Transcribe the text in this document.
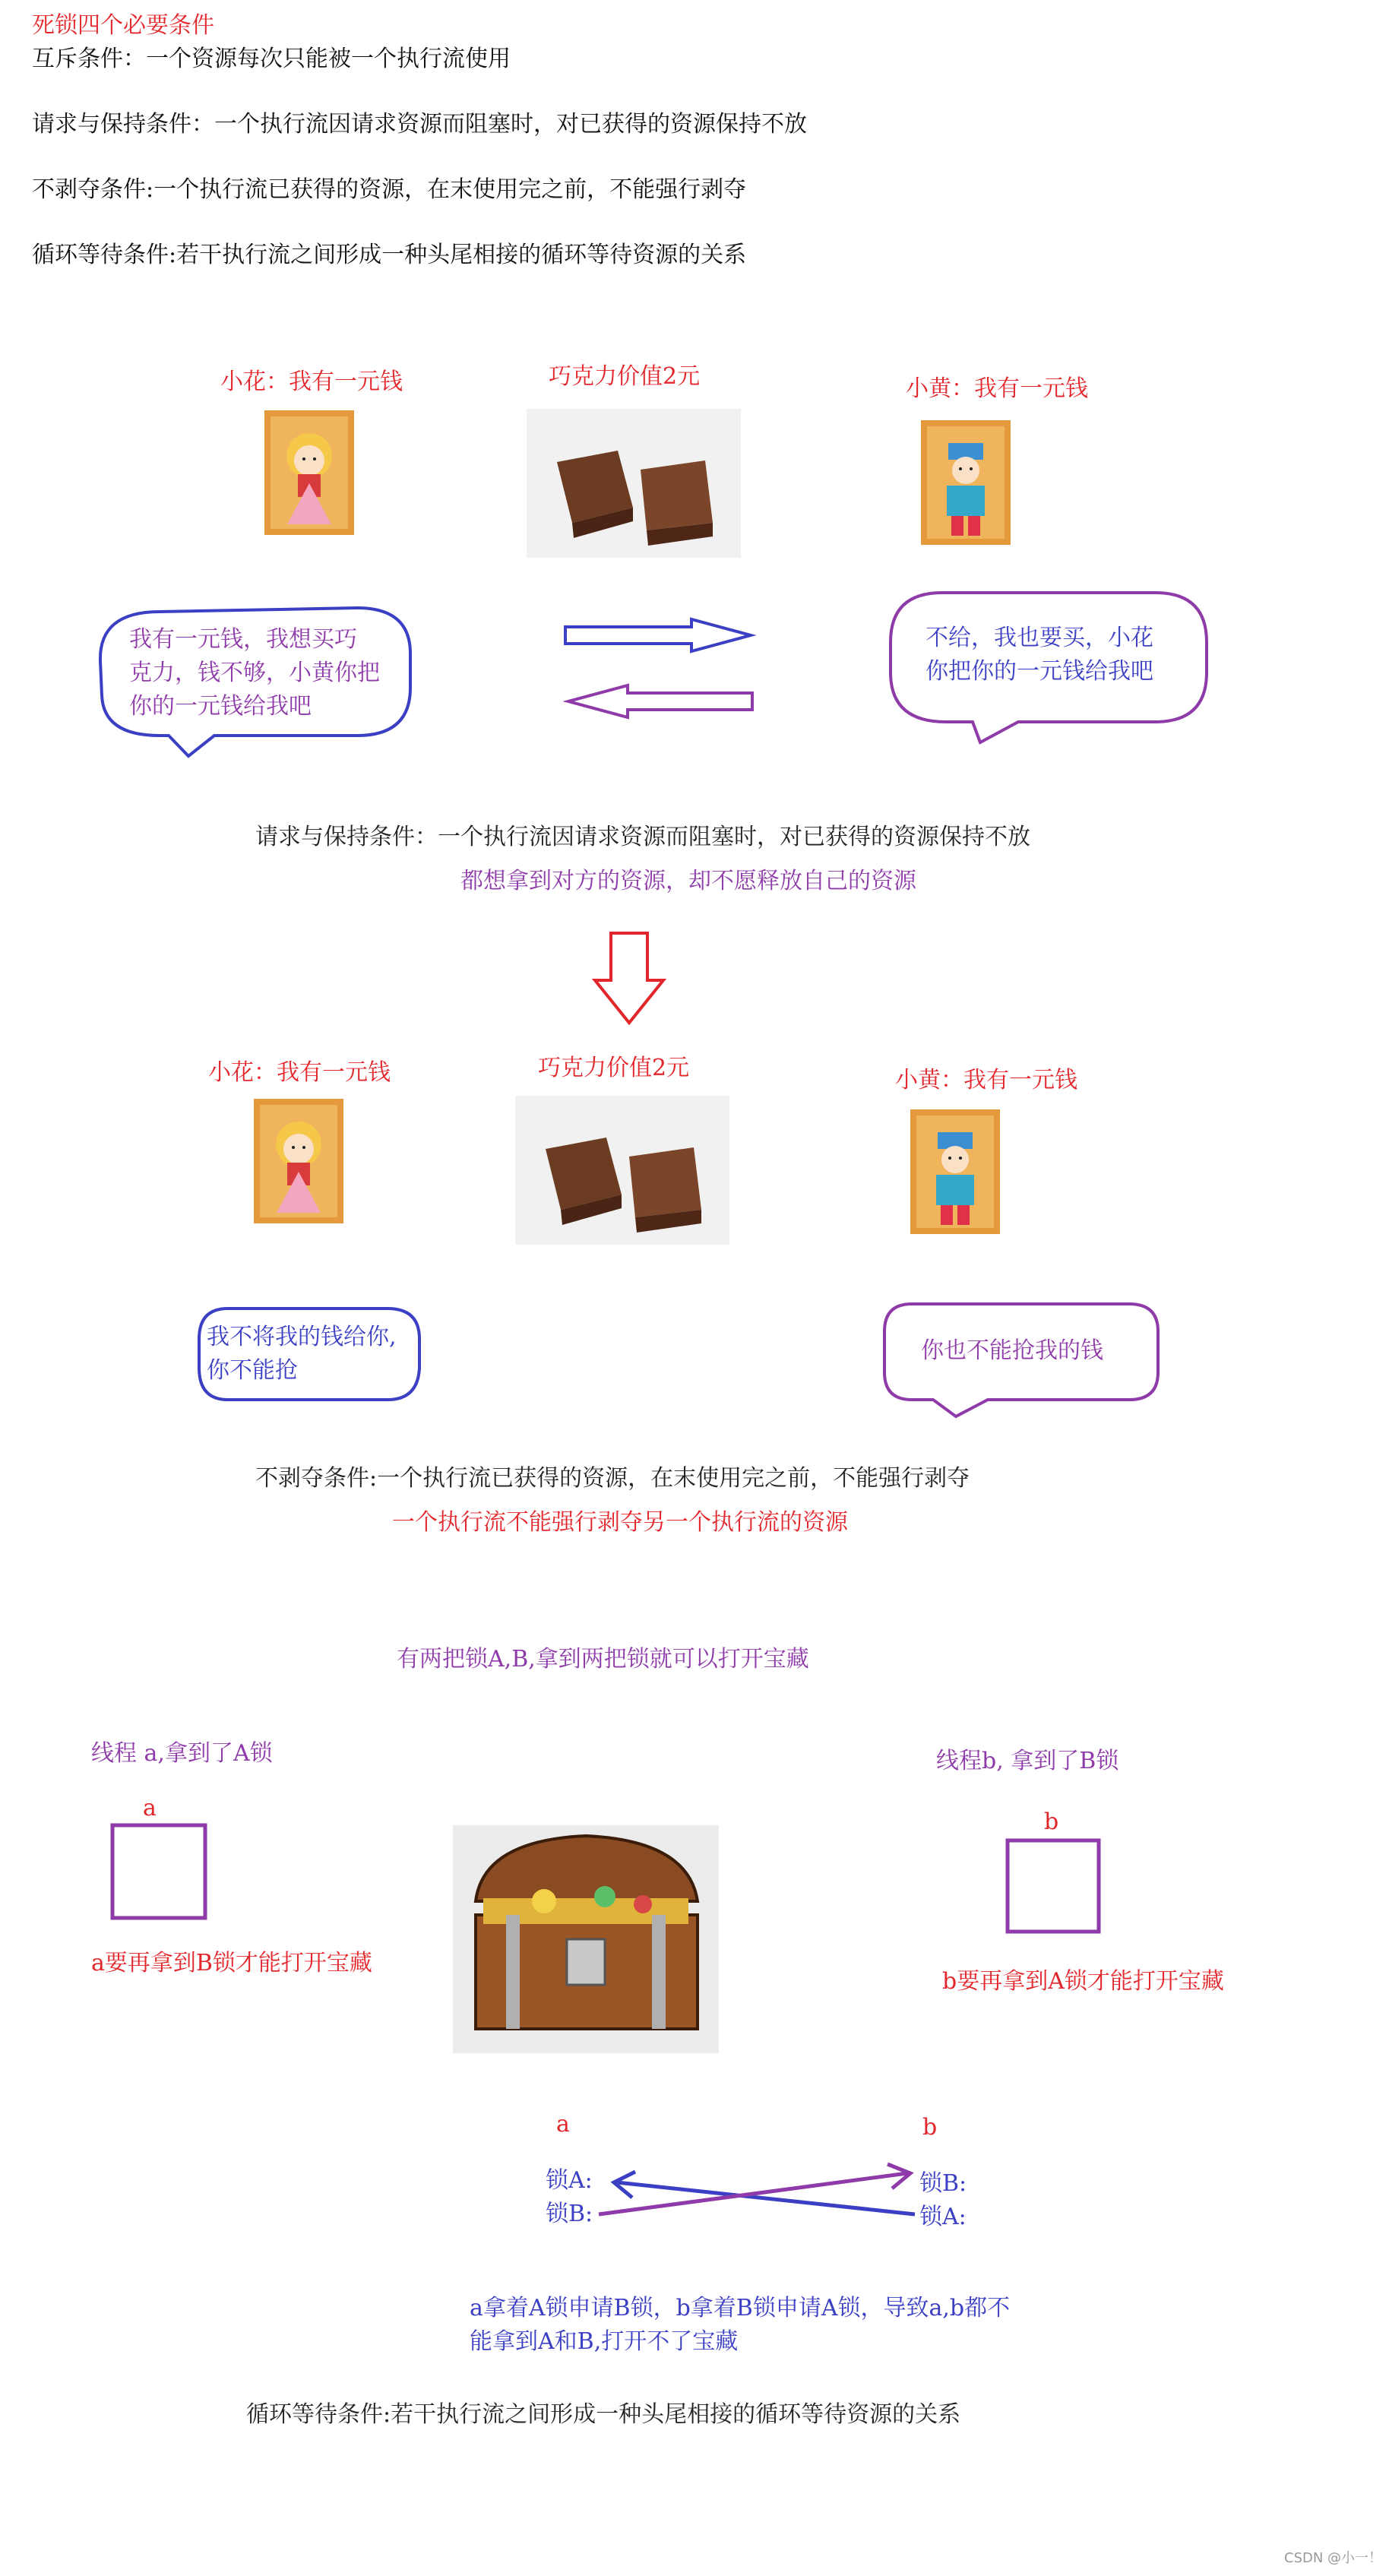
死锁四个必要条件
互斥条件：一个资源每次只能被一个执行流使用
请求与保持条件：一个执行流因请求资源而阻塞时，对已获得的资源保持不放
不剥夺条件:一个执行流已获得的资源，在末使用完之前，不能强行剥夺
循环等待条件:若干执行流之间形成一种头尾相接的循环等待资源的关系
小花：我有一元钱	巧克力价值2元	小黄：我有一元钱
我有一元钱，我想买巧
克力，钱不够，小黄你把
你的一元钱给我吧
不给，我也要买，小花
你把你的一元钱给我吧
请求与保持条件：一个执行流因请求资源而阻塞时，对已获得的资源保持不放
都想拿到对方的资源，却不愿释放自己的资源
小花：我有一元钱	巧克力价值2元	小黄：我有一元钱
我不将我的钱给你,
你不能抢
你也不能抢我的钱
不剥夺条件:一个执行流已获得的资源，在末使用完之前，不能强行剥夺
一个执行流不能强行剥夺另一个执行流的资源
有两把锁A,B,拿到两把锁就可以打开宝藏
线程 a,拿到了A锁	线程b, 拿到了B锁
a
b
a要再拿到B锁才能打开宝藏
b要再拿到A锁才能打开宝藏
a	b
锁A:
锁B:
锁B:
锁A:
a拿着A锁申请B锁，b拿着B锁申请A锁，导致a,b都不
能拿到A和B,打开不了宝藏
循环等待条件:若干执行流之间形成一种头尾相接的循环等待资源的关系
CSDN @小一！
